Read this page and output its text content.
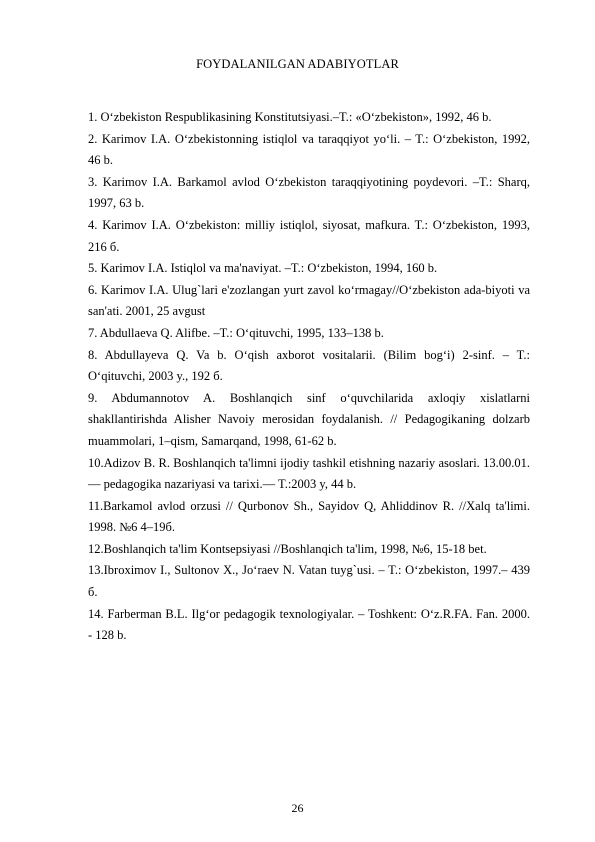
FOYDALANILGAN ADABIYOTLAR
1. O‘zbekiston Respublikasining Konstitutsiyasi.–T.: «O‘zbekiston», 1992, 46 b.
2. Karimov I.A. O‘zbekistonning istiqlol va taraqqiyot yo‘li. – T.: O‘zbekiston, 1992, 46 b.
3. Karimov I.A. Barkamol avlod O‘zbekiston taraqqiyotining poydevori. –T.: Sharq, 1997, 63 b.
4. Karimov I.A. O‘zbekiston: milliy istiqlol, siyosat, mafkura. T.: O‘zbekiston, 1993, 216 б.
5. Karimov I.A. Istiqlol va ma'naviyat. –T.: O‘zbekiston, 1994, 160 b.
6. Karimov I.A. Ulug`lari e'zozlangan yurt zavol ko‘rmagay//O‘zbekiston ada-biyoti va san'ati. 2001, 25 avgust
7. Abdullaeva Q. Alifbe. –T.: O‘qituvchi, 1995, 133–138 b.
8. Abdullayeva Q. Va b. O‘qish axborot vositalarii. (Bilim bog‘i) 2-sinf. – T.: O‘qituvchi, 2003 y., 192 б.
9. Abdumannotov A. Boshlanqich sinf o‘quvchilarida axloqiy xislatlarni shakllantirishda Alisher Navoiy merosidan foydalanish. // Pedagogikaning dolzarb muammolari, 1–qism, Samarqand, 1998, 61-62 b.
10.Adizov B. R. Boshlanqich ta'limni ijodiy tashkil etishning nazariy asoslari. 13.00.01. — pedagogika nazariyasi va tarixi.— T.:2003 y, 44 b.
11.Barkamol avlod orzusi // Qurbonov Sh., Sayidov Q, Ahliddinov R. //Xalq ta'limi. 1998. №6 4–19б.
12.Boshlanqich ta'lim Kontsepsiyasi //Boshlanqich ta'lim, 1998, №6, 15-18 bet.
13.Ibroximov I., Sultonov X., Jo‘raev N. Vatan tuyg`usi. – T.: O‘zbekiston, 1997.– 439 б.
14. Farberman B.L. Ilg‘or pedagogik texnologiyalar. – Toshkent: O‘z.R.FA. Fan. 2000. - 128 b.
26
